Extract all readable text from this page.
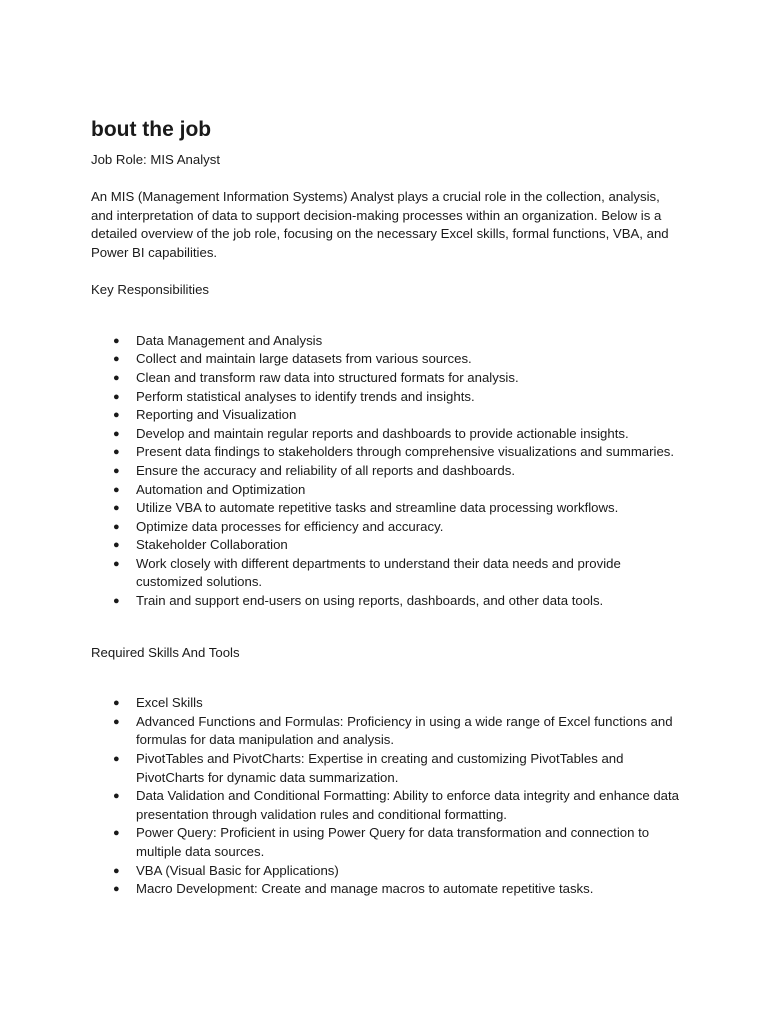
bout the job

Job Role: MIS Analyst

An MIS (Management Information Systems) Analyst plays a crucial role in the collection, analysis, and interpretation of data to support decision-making processes within an organization. Below is a detailed overview of the job role, focusing on the necessary Excel skills, formal functions, VBA, and Power BI capabilities.

Key Responsibilities

● Data Management and Analysis
● Collect and maintain large datasets from various sources.
● Clean and transform raw data into structured formats for analysis.
● Perform statistical analyses to identify trends and insights.
● Reporting and Visualization
● Develop and maintain regular reports and dashboards to provide actionable insights.
● Present data findings to stakeholders through comprehensive visualizations and summaries.
● Ensure the accuracy and reliability of all reports and dashboards.
● Automation and Optimization
● Utilize VBA to automate repetitive tasks and streamline data processing workflows.
● Optimize data processes for efficiency and accuracy.
● Stakeholder Collaboration
● Work closely with different departments to understand their data needs and provide customized solutions.
● Train and support end-users on using reports, dashboards, and other data tools.

Required Skills And Tools

● Excel Skills
● Advanced Functions and Formulas: Proficiency in using a wide range of Excel functions and formulas for data manipulation and analysis.
● PivotTables and PivotCharts: Expertise in creating and customizing PivotTables and PivotCharts for dynamic data summarization.
● Data Validation and Conditional Formatting: Ability to enforce data integrity and enhance data presentation through validation rules and conditional formatting.
● Power Query: Proficient in using Power Query for data transformation and connection to multiple data sources.
● VBA (Visual Basic for Applications)
● Macro Development: Create and manage macros to automate repetitive tasks.
